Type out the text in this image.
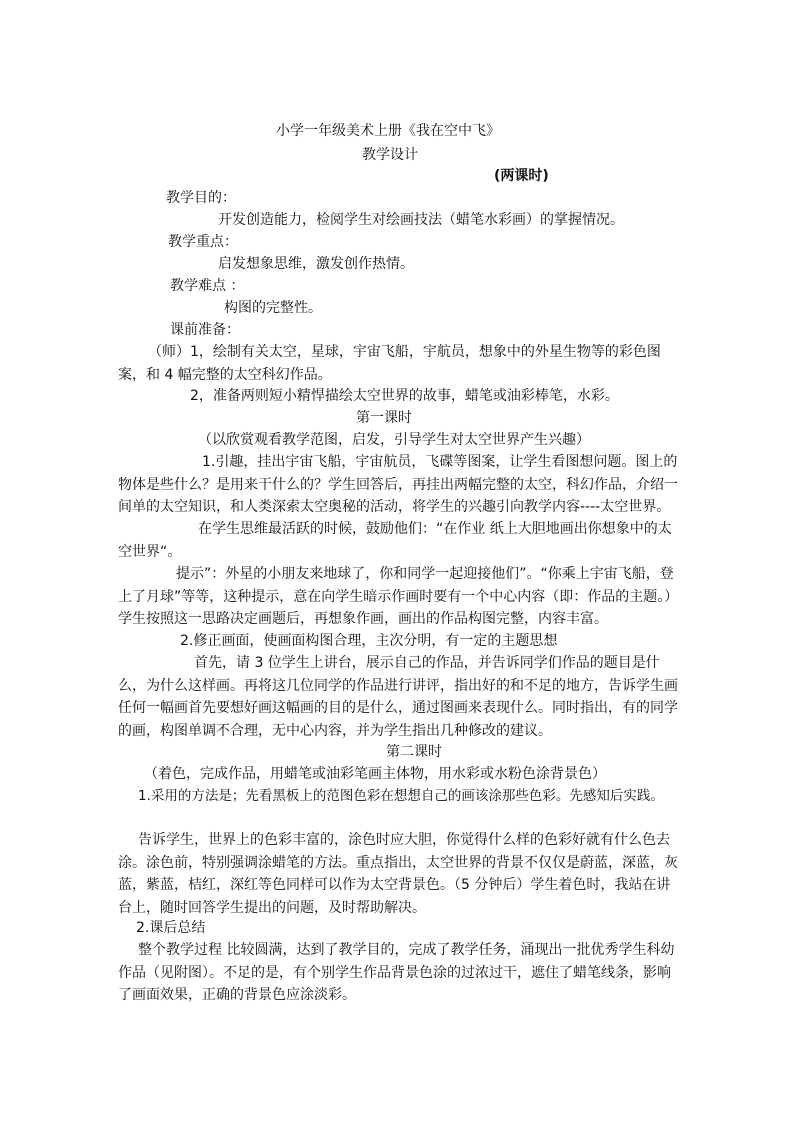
小学一年级美术上册《我在空中飞》
教学设计
(两课时)
教学目的：
开发创造能力，检阅学生对绘画技法（蜡笔水彩画）的掌握情况。
教学重点：
启发想象思维，激发创作热情。
教学难点 ：
构图的完整性。
课前准备：
（师）1，绘制有关太空，星球，宇宙飞船，宇航员，想象中的外星生物等的彩色图案，和 4 幅完整的太空科幻作品。
2，准备两则短小精悍描绘太空世界的故事，蜡笔或油彩棒笔，水彩。
第一课时
（以欣赏观看教学范图，启发，引导学生对太空世界产生兴趣）
1.引趣，挂出宇宙飞船，宇宙航员，飞碟等图案，让学生看图想问题。图上的物体是些什么？是用来干什么的？学生回答后，再挂出两幅完整的太空，科幻作品，介绍一间单的太空知识，和人类深索太空奥秘的活动，将学生的兴趣引向教学内容----太空世界。
在学生思维最活跃的时候，鼓励他们：“在作业 纸上大胆地画出你想象中的太空世界“。
提示”：外星的小朋友来地球了，你和同学一起迎接他们”。“你乘上宇宙飞船，登上了月球”等等，这种提示，意在向学生暗示作画时要有一个中心内容（即：作品的主题。）学生按照这一思路决定画题后，再想象作画，画出的作品构图完整，内容丰富。
2.修正画面，使画面构图合理，主次分明，有一定的主题思想
首先，请 3 位学生上讲台，展示自己的作品，并告诉同学们作品的题目是什么，为什么这样画。再将这几位同学的作品进行讲评，指出好的和不足的地方，告诉学生画任何一幅画首先要想好画这幅画的目的是什么，通过图画来表现什么。同时指出，有的同学的画，构图单调不合理，无中心内容，并为学生指出几种修改的建议。
第二课时
（着色，完成作品，用蜡笔或油彩笔画主体物，用水彩或水粉色涂背景色）
1.采用的方法是；先看黑板上的范图色彩在想想自己的画该涂那些色彩。先感知后实践。
告诉学生，世界上的色彩丰富的，涂色时应大胆，你觉得什么样的色彩好就有什么色去涂。涂色前，特别强调涂蜡笔的方法。重点指出，太空世界的背景不仅仅是蔚蓝，深蓝，灰蓝，紫蓝，桔红，深红等色同样可以作为太空背景色。（5 分钟后）学生着色时，我站在讲台上，随时回答学生提出的问题，及时帮助解决。
2.课后总结
整个教学过程 比较圆满，达到了教学目的，完成了教学任务，涌现出一批优秀学生科幼作品（见附图）。不足的是，有个别学生作品背景色涂的过浓过干，遮住了蜡笔线条，影响了画面效果，正确的背景色应涂淡彩。
